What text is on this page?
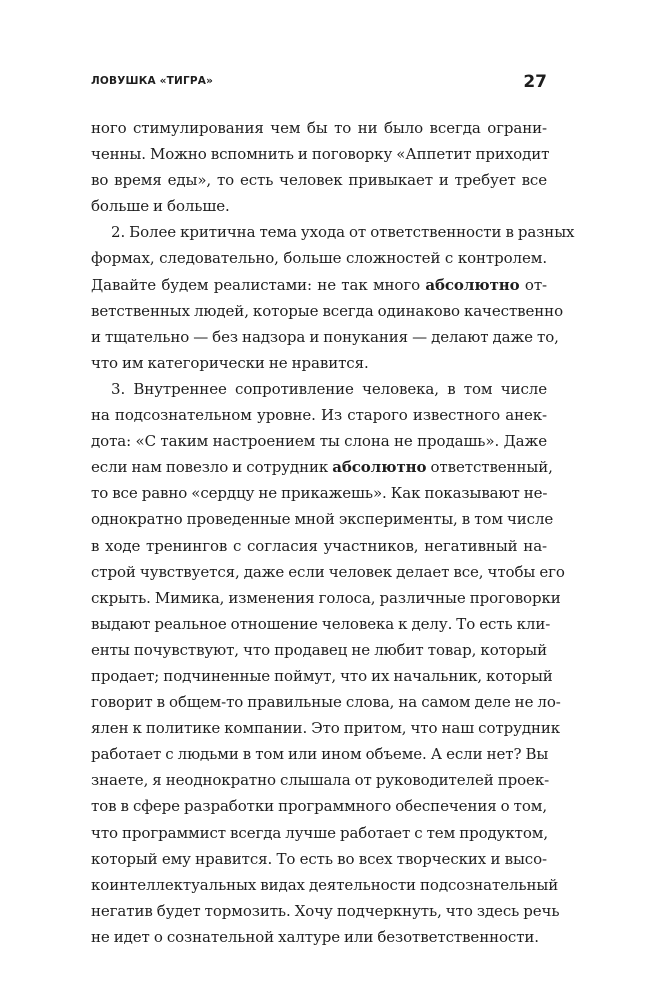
ЛОВУШКА «ТИГРА»	27
ного стимулирования чем бы то ни было всегда ограни-
ченны. Можно вспомнить и поговорку «Аппетит приходит
во время еды», то есть человек привыкает и требует все
больше и больше.
2. Более критична тема ухода от ответственности в разных
формах, следовательно, больше сложностей с контролем.
Давайте будем реалистами: не так много абсолютно от-
ветственных людей, которые всегда одинаково качественно
и тщательно — без надзора и понукания — делают даже то,
что им категорически не нравится.
3. Внутреннее сопротивление человека, в том числе
на подсознательном уровне. Из старого известного анек-
дота: «С таким настроением ты слона не продашь». Даже
если нам повезло и сотрудник абсолютно ответственный,
то все равно «сердцу не прикажешь». Как показывают не-
однократно проведенные мной эксперименты, в том числе
в ходе тренингов с согласия участников, негативный на-
строй чувствуется, даже если человек делает все, чтобы его
скрыть. Мимика, изменения голоса, различные проговорки
выдают реальное отношение человека к делу. То есть кли-
енты почувствуют, что продавец не любит товар, который
продает; подчиненные поймут, что их начальник, который
говорит в общем-то правильные слова, на самом деле не ло-
ялен к политике компании. Это притом, что наш сотрудник
работает с людьми в том или ином объеме. А если нет? Вы
знаете, я неоднократно слышала от руководителей проек-
тов в сфере разработки программного обеспечения о том,
что программист всегда лучше работает с тем продуктом,
который ему нравится. То есть во всех творческих и высо-
коинтеллектуальных видах деятельности подсознательный
негатив будет тормозить. Хочу подчеркнуть, что здесь речь
не идет о сознательной халтуре или безответственности.
